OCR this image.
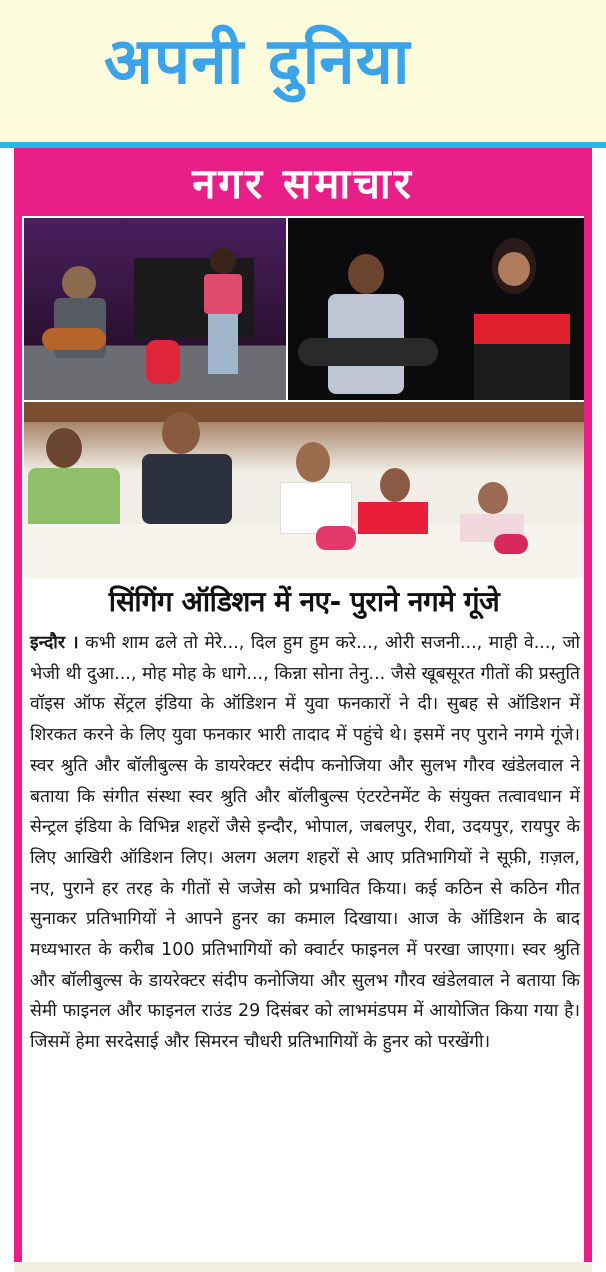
अपनी दुनिया
नगर समाचार
सिंगिंग ऑडिशन में नए- पुराने नगमे गूंजे
इन्दौर । कभी शाम ढले तो मेरे..., दिल हुम हुम करे..., ओरी सजनी..., माही वे..., जो भेजी थी दुआ..., मोह मोह के धागे..., किन्ना सोना तेनु... जैसे खूबसूरत गीतों की प्रस्तुति वॉइस ऑफ सेंट्रल इंडिया के ऑडिशन में युवा फनकारों ने दी। सुबह से ऑडिशन में शिरकत करने के लिए युवा फनकार भारी तादाद में पहुंचे थे। इसमें नए पुराने नगमे गूंजे। स्वर श्रुति और बॉलीबुल्स के डायरेक्टर संदीप कनोजिया और सुलभ गौरव खंडेलवाल ने बताया कि संगीत संस्था स्वर श्रुति और बॉलीबुल्स एंटरटेनमेंट के संयुक्त तत्वावधान में सेन्ट्रल इंडिया के विभिन्न शहरों जैसे इन्दौर, भोपाल, जबलपुर, रीवा, उदयपुर, रायपुर के लिए आखिरी ऑडिशन लिए। अलग अलग शहरों से आए प्रतिभागियों ने सूफ़ी, ग़ज़ल, नए, पुराने हर तरह के गीतों से जजेस को प्रभावित किया। कई कठिन से कठिन गीत सुनाकर प्रतिभागियों ने आपने हुनर का कमाल दिखाया। आज के ऑडिशन के बाद मध्यभारत के करीब 100 प्रतिभागियों को क्वार्टर फाइनल में परखा जाएगा। स्वर श्रुति और बॉलीबुल्स के डायरेक्टर संदीप कनोजिया और सुलभ गौरव खंडेलवाल ने बताया कि सेमी फाइनल और फाइनल राउंड 29 दिसंबर को लाभमंडपम में आयोजित किया गया है। जिसमें हेमा सरदेसाई और सिमरन चौधरी प्रतिभागियों के हुनर को परखेंगी।
